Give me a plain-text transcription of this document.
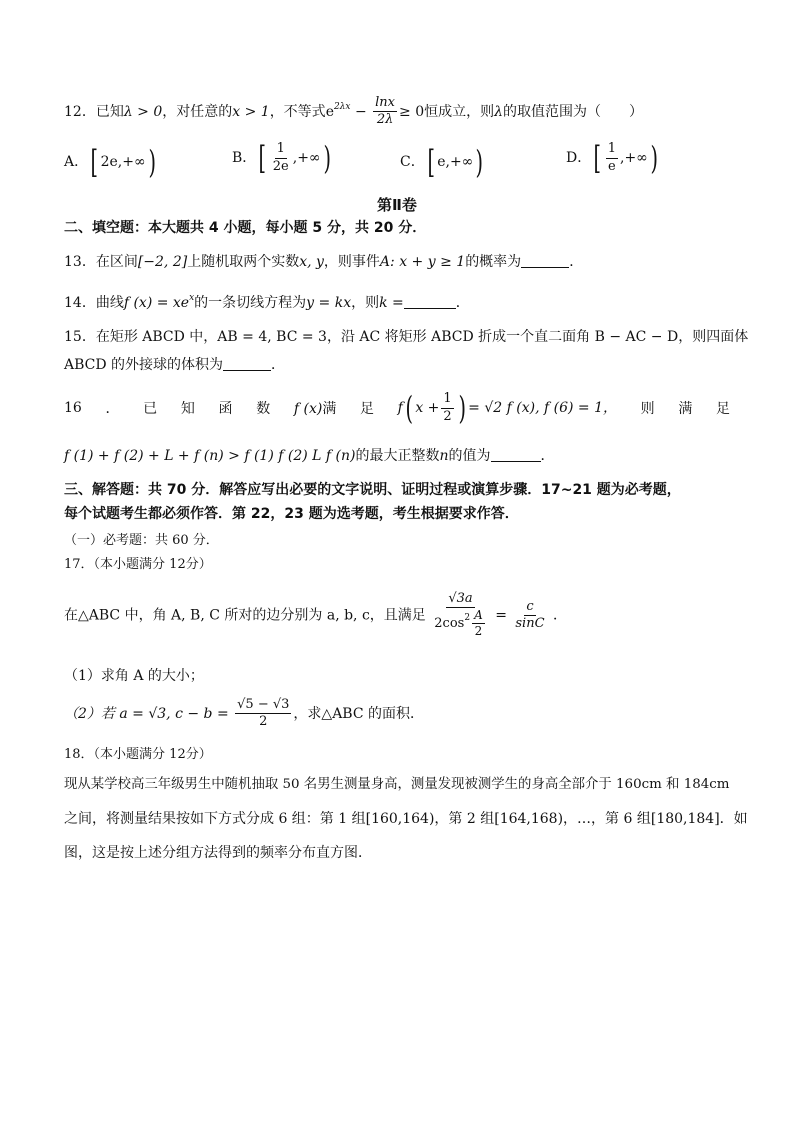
12．已知λ > 0，对任意的x > 1，不等式$e^{2\lambda x} - \frac{\ln x}{2\lambda} \ge 0$恒成立，则λ的取值范围为（　　）
A．[ 2e,+∞)	B．[ $\frac{1}{2e}$ ,+∞)	C．[ e,+∞)	D．[ $\frac{1}{e}$ ,+∞)
第Ⅱ卷
二、填空题：本大题共 4 小题，每小题 5 分，共 20 分．
13．在区间[−2, 2]上随机取两个实数x, y，则事件A: x + y ≥ 1的概率为	．
14．曲线f $(x) = xe^x$的一条切线方程为y = kx，则k =	．
15．在矩形 ABCD 中，AB = 4, BC = 3，沿 AC 将矩形 ABCD 折成一个直二面角 B − AC − D，则四面体
ABCD 的外接球的体积为	．
16 ． 已 知 函 数 f (x)满 足 f( $x + \frac{1}{2}$ ) = √2 f (x), f (6) = 1， 则 满 足
f (1) + f (2) + L + f (n) > f (1) f (2) L f (n)的最大正整数n的值为	．
三、解答题：共 70 分．解答应写出必要的文字说明、证明过程或演算步骤．17~21 题为必考题，
每个试题考生都必须作答．第 22，23 题为选考题，考生根据要求作答．
（一）必考题：共 60 分．
17．（本小题满分 12分）
在△ABC 中，角 A, B, C 所对的边分别为 a, b, c，且满足 $\frac{√3a}{2\cos^2 \frac{A}{2}} = \frac{c}{\sin C}$ ．
（1）求角 A 的大小；
（2）若 a = √3, $c - b = \frac{√5 - √3}{2}$ ，求△ABC 的面积．
18．（本小题满分 12分）
现从某学校高三年级男生中随机抽取 50 名男生测量身高，测量发现被测学生的身高全部介于 160cm 和 184cm
之间，将测量结果按如下方式分成 6 组：第 1 组[160,164)，第 2 组[164,168)，…，第 6 组[180,184]．如
图，这是按上述分组方法得到的频率分布直方图．
